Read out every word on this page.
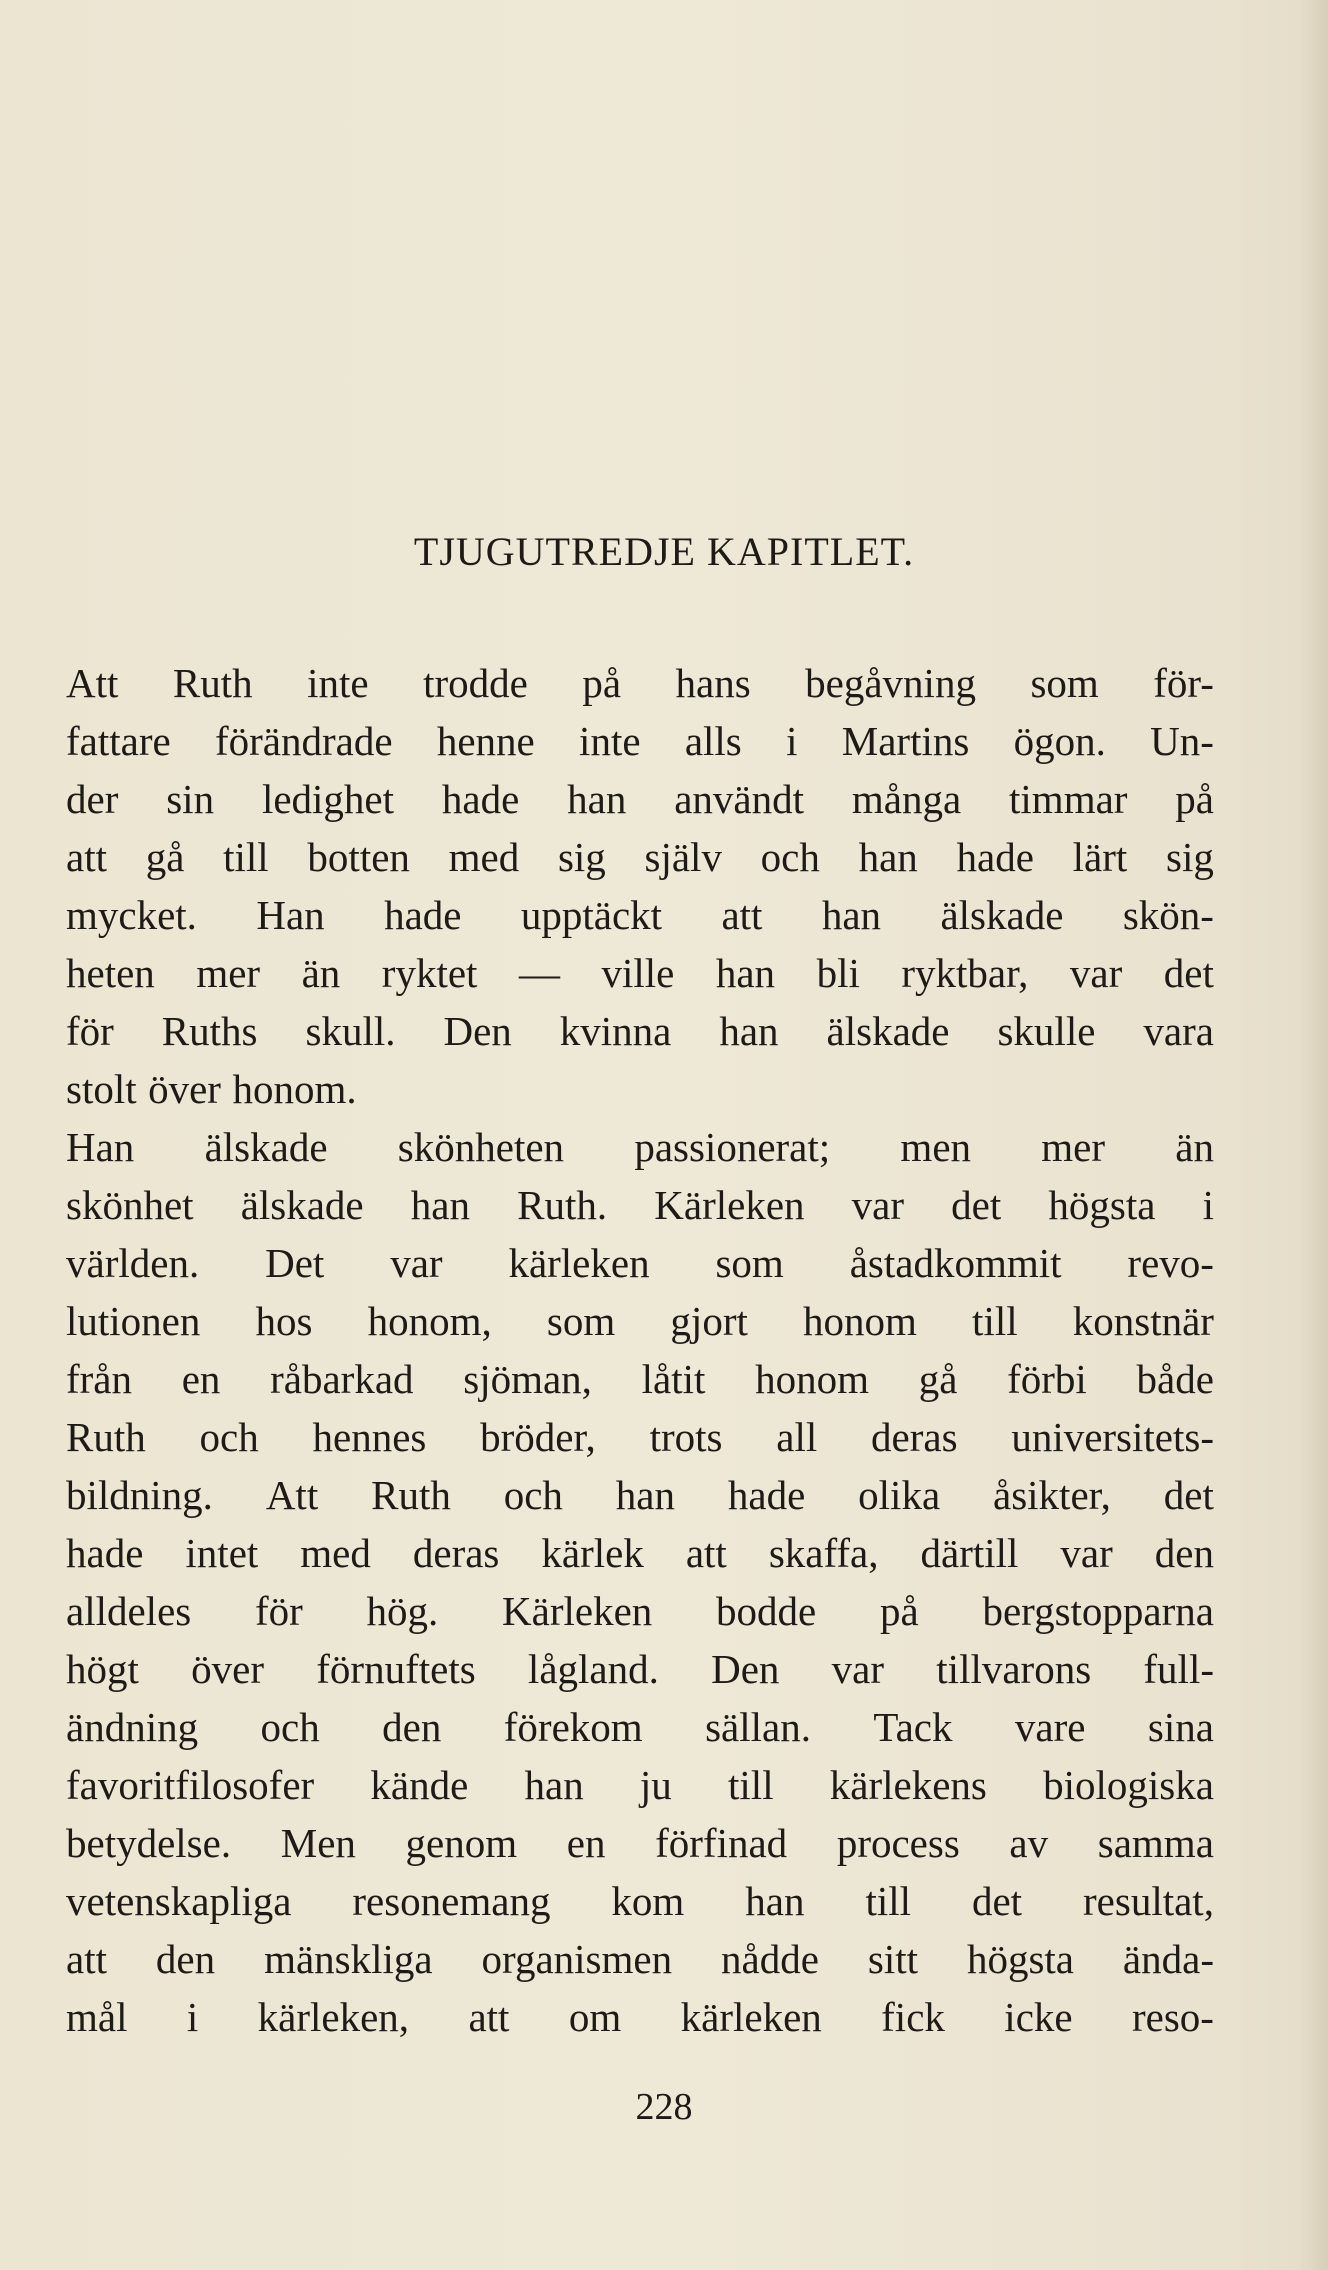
TJUGUTREDJE KAPITLET.
Att Ruth inte trodde på hans begåvning som för-
fattare förändrade henne inte alls i Martins ögon. Un-
der sin ledighet hade han användt många timmar på
att gå till botten med sig själv och han hade lärt sig
mycket. Han hade upptäckt att han älskade skön-
heten mer än ryktet — ville han bli ryktbar, var det
för Ruths skull. Den kvinna han älskade skulle vara
stolt över honom.
Han älskade skönheten passionerat; men mer än
skönhet älskade han Ruth. Kärleken var det högsta i
världen. Det var kärleken som åstadkommit revo-
lutionen hos honom, som gjort honom till konstnär
från en råbarkad sjöman, låtit honom gå förbi både
Ruth och hennes bröder, trots all deras universitets-
bildning. Att Ruth och han hade olika åsikter, det
hade intet med deras kärlek att skaffa, därtill var den
alldeles för hög. Kärleken bodde på bergstopparna
högt över förnuftets lågland. Den var tillvarons full-
ändning och den förekom sällan. Tack vare sina
favoritfilosofer kände han ju till kärlekens biologiska
betydelse. Men genom en förfinad process av samma
vetenskapliga resonemang kom han till det resultat,
att den mänskliga organismen nådde sitt högsta ända-
mål i kärleken, att om kärleken fick icke reso-
228
